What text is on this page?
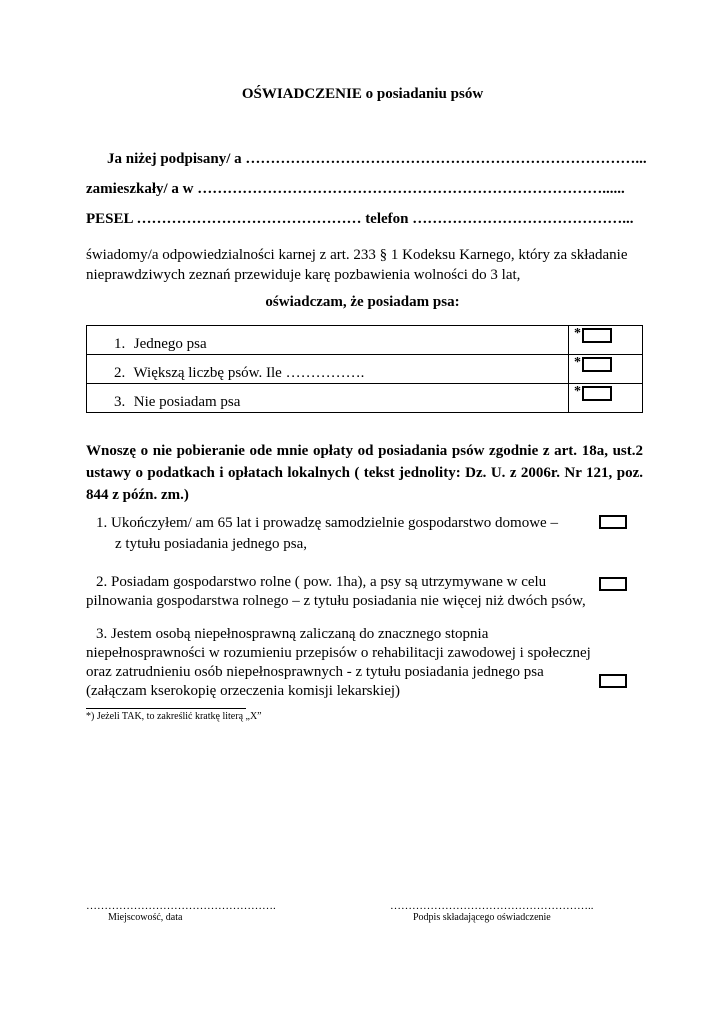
OŚWIADCZENIE o posiadaniu psów
Ja niżej podpisany/ a ……………………………………………………………………...
zamieszkały/ a w ………………………………………………………………………......
PESEL ……………………………………… telefon ……………………………………...
świadomy/a odpowiedzialności karnej z art. 233 § 1 Kodeksu Karnego, który za składanie nieprawdziwych zeznań przewiduje karę pozbawienia wolności do 3 lat,
oświadczam, że posiadam psa:
1. Jednego psa	*

2. Większą liczbę psów. Ile …………….	*

3. Nie posiadam psa	*
Wnoszę o nie pobieranie ode mnie opłaty od posiadania psów zgodnie z art. 18a, ust.2 ustawy o podatkach i opłatach lokalnych ( tekst jednolity: Dz. U. z 2006r. Nr 121, poz. 844 z późn. zm.)
1. Ukończyłem/ am 65 lat i prowadzę samodzielnie gospodarstwo domowe –
z tytułu posiadania jednego psa,
2. Posiadam gospodarstwo rolne ( pow. 1ha), a psy są utrzymywane w celu
pilnowania gospodarstwa rolnego – z tytułu posiadania nie więcej niż dwóch psów,
3. Jestem osobą niepełnosprawną zaliczaną do znacznego stopnia
niepełnosprawności w rozumieniu przepisów o rehabilitacji zawodowej i społecznej
oraz zatrudnieniu osób niepełnosprawnych - z tytułu posiadania jednego psa
(załączam kserokopię orzeczenia komisji lekarskiej)
*) Jeżeli TAK, to zakreślić kratkę literą „X”
…………………………………………….
Miejscowość, data
………………………………………………..
Podpis składającego oświadczenie
